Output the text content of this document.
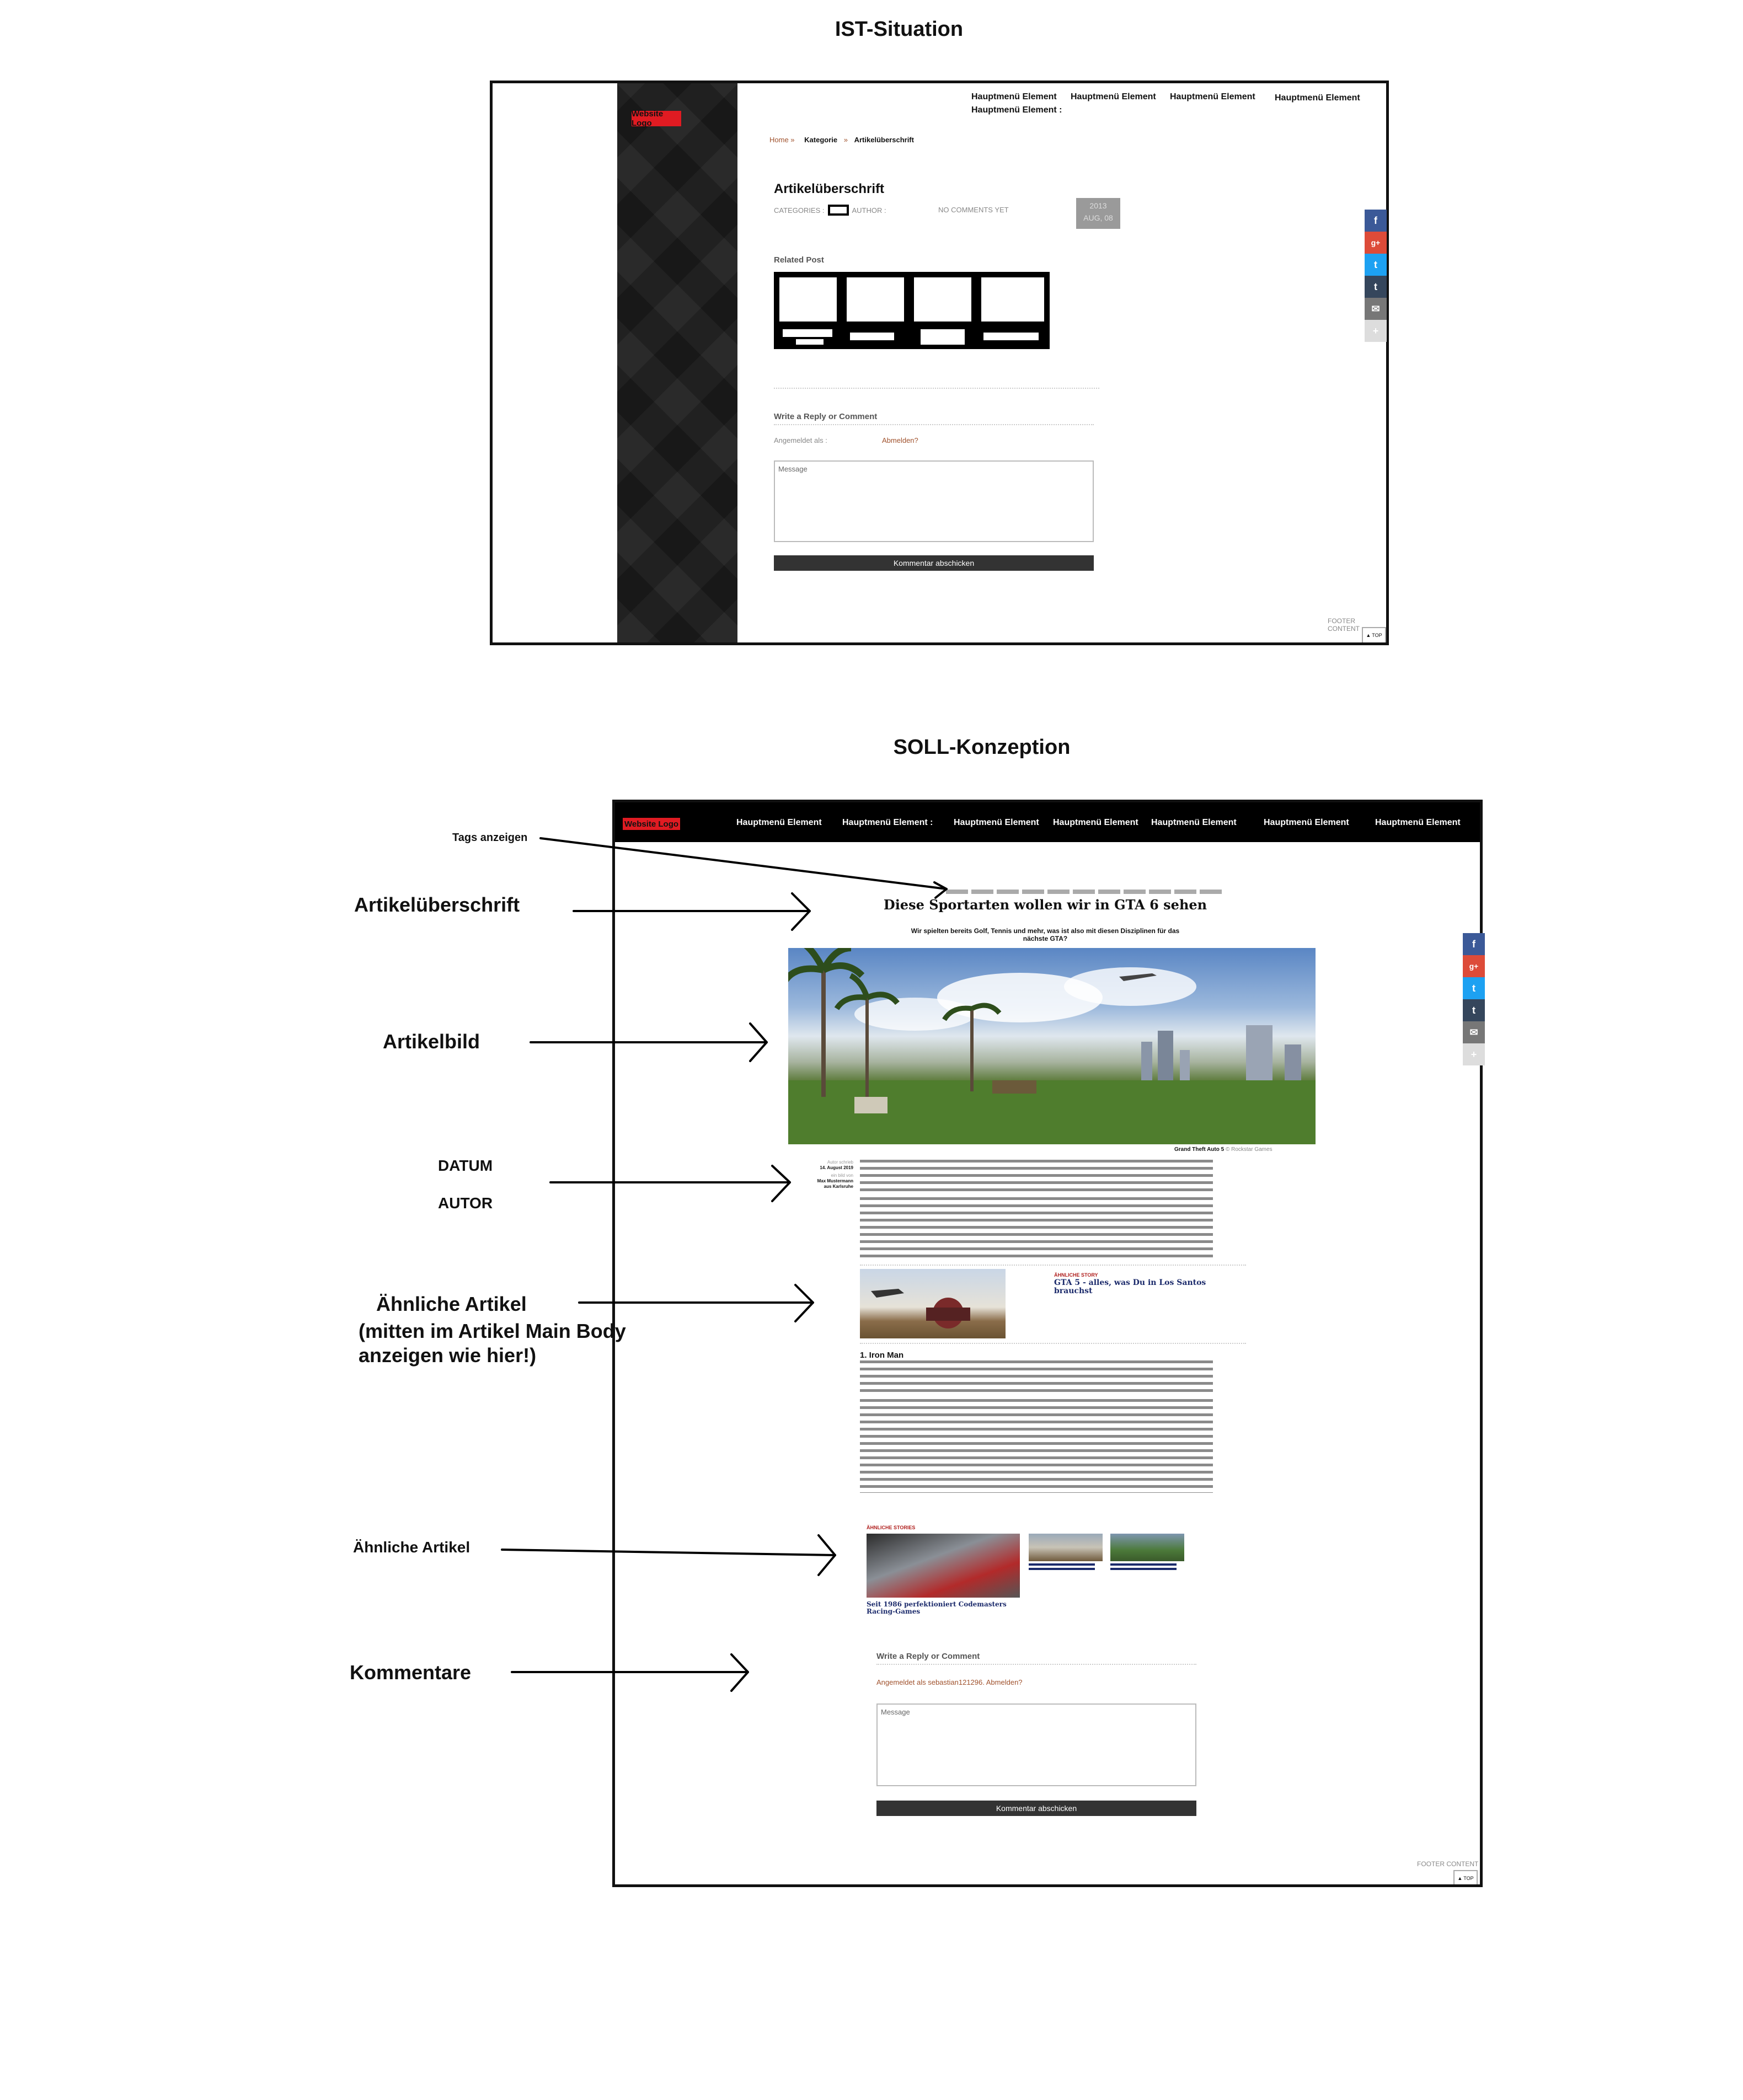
IST-Situation
Website Logo
Hauptmenü Element Hauptmenü Element Hauptmenü Element Hauptmenü Element
Hauptmenü Element :
Home » Kategorie » Artikelüberschrift
Artikelüberschrift
CATEGORIES :	AUTHOR :	NO COMMENTS YET	2013
AUG, 08
Related Post
Write a Reply or Comment
Angemeldet als :	Abmelden?
Message
Kommentar abschicken
FOOTER CONTENT
▲ TOP
f
g+
t
t
✉
+
SOLL-Konzeption
Website Logo	Hauptmenü Element Hauptmenü Element : Hauptmenü Element Hauptmenü Element Hauptmenü Element	Hauptmenü Element	Hauptmenü Element
Diese Sportarten wollen wir in GTA 6 sehen
Wir spielten bereits Golf, Tennis und mehr, was ist also mit diesen Disziplinen für das nächste GTA?
Grand Theft Auto 5 © Rockstar Games
Autor schrieb
14. August 2019
ein bild von
Max Mustermann
aus Karlsruhe
ÄHNLICHE STORY
GTA 5 - alles, was Du in Los Santos brauchst
1. Iron Man
ÄHNLICHE STORIES
Seit 1986 perfektioniert Codemasters Racing-Games
Write a Reply or Comment
Angemeldet als sebastian121296. Abmelden?
Message
Kommentar abschicken
FOOTER CONTENT
▲ TOP
f
g+
t
t
✉
+
Tags anzeigen
Artikelüberschrift
Artikelbild
DATUM
AUTOR
Ähnliche Artikel
(mitten im Artikel Main Body anzeigen wie hier!)
Ähnliche Artikel
Kommentare
